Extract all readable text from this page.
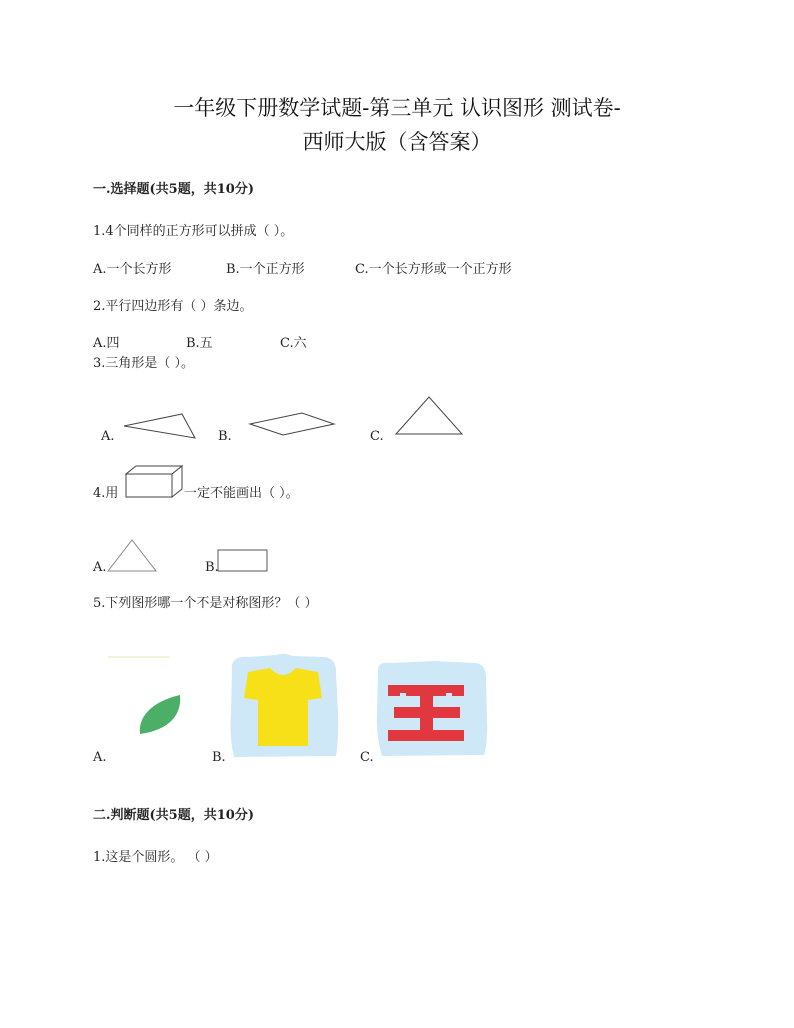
一年级下册数学试题-第三单元 认识图形 测试卷-
西师大版（含答案）
一.选择题(共5题，共10分)
1.4个同样的正方形可以拼成（ ）。
A.一个长方形	B.一个正方形	C.一个长方形或一个正方形
2.平行四边形有（ ）条边。
A.四	B.五	C.六
3.三角形是（ ）。
A.	B.	C.
4.用	一定不能画出（ ）。
A.	B.
5.下列图形哪一个不是对称图形？（ ）
A.	B.	C.
二.判断题(共5题，共10分)
1.这是个圆形。 （ ）
